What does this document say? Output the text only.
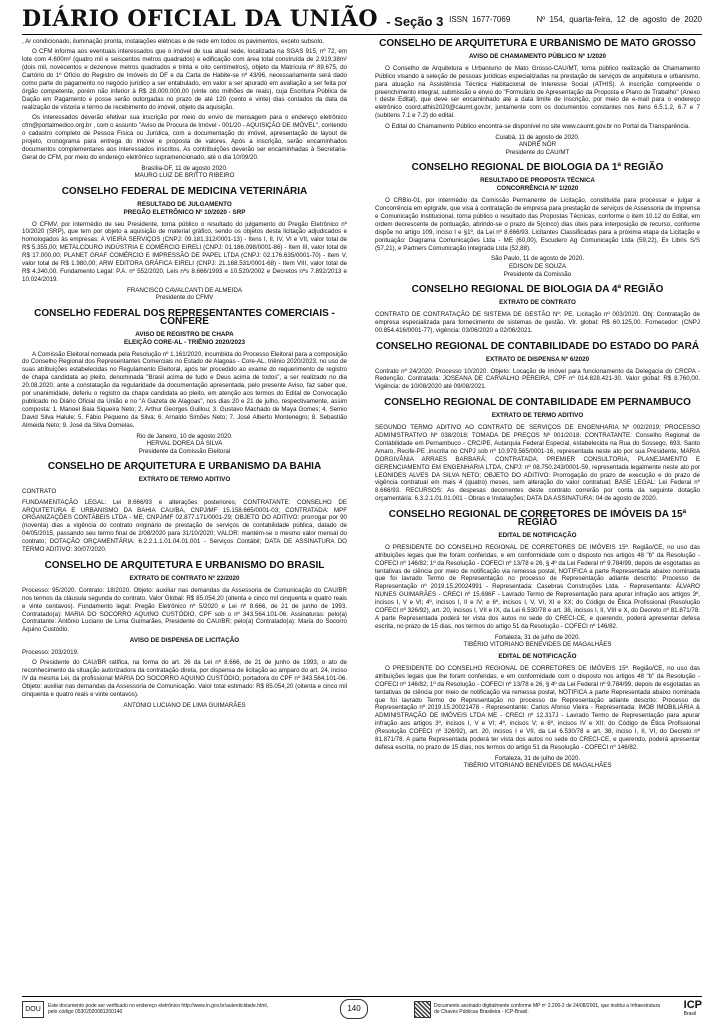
DIÁRIO OFICIAL DA UNIÃO - Seção 3 ISSN 1677-7069	Nº 154, quarta-feira, 12 de agosto de 2020

, Ar condicionado, iluminação pronta, instalações elétricas e de rede em todos os pavimentos, exceto subsolo.

O CFM informa aos eventuais interessados que o imóvel de sua atual sede, localizada na SGAS 915, nº 72, em lote com 4.600m² (quatro mil e seiscentos metros quadrados) e edificação com área total construída de 2.919,38m² (dois mil, novecentos e dezenove metros quadrados e trinta e oito centímetros), objeto da Matrícula nº 89.675, do Cartório do 1º Ofício do Registro de Imóveis do DF e da Carta de Habite-se nº 43/96, necessariamente será dado como parte do pagamento no negócio jurídico a ser entabulado, em valor a ser apurado em avaliação a ser feita por órgão competente, porém não inferior à R$ 28.000.000,00 (vinte oito milhões de reais), cuja Escritura Pública de Dação em Pagamento e posse serão outorgadas no prazo de até 120 (cento e vinte) dias contados da data da realização de vistoria e termo de recebimento do imóvel, objeto da aquisição.

Os interessados deverão efetivar sua inscrição por meio do envio de mensagem para o endereço eletrônico cfm@portalmedico.org.br , com o assunto "Aviso de Procura de Imóvel - 001/20 - AQUISIÇÃO DE IMÓVEL", contendo o cadastro completo de Pessoa Física ou Jurídica, com a documentação do imóvel, apresentação de layout de projeto, cronograma para entrega do imóvel e proposta de valores. Após a inscrição, serão encaminhados documentos complementares aos interessados inscritos. As contribuições deverão ser encaminhadas à Secretaria-Geral do CFM, por meio do endereço eletrônico supramencionado, até o dia 10/09/20.

Brasília-DF, 11 de agosto 2020.
MAURO LUIZ DE BRITTO RIBEIRO
CONSELHO FEDERAL DE MEDICINA VETERINÁRIA
RESULTADO DE JULGAMENTO
PREGÃO ELETRÔNICO Nº 10/2020 - SRP

O CFMV, por intermédio de seu Presidente, torna público o resultado do julgamento do Pregão Eletrônico nº 10/2020 (SRP), que tem por objeto a aquisição de material gráfico, sendo os objetos desta licitação adjudicados e homologados às empresas: A VIEIRA SERVIÇOS (CNPJ: 09.181.312/0001-13) - Itens I, II, IV, VI e VII, valor total de R$ 5.355,00; METALCOURO INDÚSTRIA E COMÉRCIO EIRELI (CNPJ: 01.186.098/0001-86) - Item III, valor total de R$ 17.000,00; PLANET GRAF COMÉRCIO E IMPRESSÃO DE PAPEL LTDA (CNPJ: 02.176.635/0001-70) - Item V, valor total de R$ 1.980,00; ARW EDITORA GRÁFICA EIRELI (CNPJ: 21.168.531/0001-68) - Item VIII, valor total de R$ 4.340,00. Fundamento Legal: P.A. nº 552/2020, Leis nºs 8.666/1993 e 10.520/2002 e Decretos nºs 7.892/2013 e 10.024/2019.

FRANCISCO CAVALCANTI DE ALMEIDA
Presidente do CFMV
CONSELHO FEDERAL DOS REPRESENTANTES COMERCIAIS - CONFERE
AVISO DE REGISTRO DE CHAPA
ELEIÇÃO CORE-AL - TRIÊNIO 2020/2023

A Comissão Eleitoral nomeada pela Resolução nº 1.161/2020, incumbida do Processo Eleitoral para a composição do Conselho Regional dos Representantes Comerciais no Estado de Alagoas - Core-AL, triênio 2020/2023, no uso de suas atribuições estabelecidas no Regulamento Eleitoral, após ter procedido ao exame do requerimento de registro de chapa candidata ao pleito, denominada "Brasil acima de tudo e Deus acima de todos", a ser realizado no dia 20.08.2020, ante a constatação da regularidade da documentação apresentada, pelo presente Aviso, faz saber que, por unanimidade, deferiu o registro da chapa candidata ao pleito, em atenção aos termos do Edital de Convocação publicado no Diário Oficial da União e no "A Gazeta de Alagoas", nos dias 20 e 21 de julho, respectivamente, assim composta: 1. Manoel Baia Siqueira Neto; 2. Arthur Georges Guillou; 3. Gustavo Machado de Maya Gomes; 4. Semio David Silva Halule; 5. Fábio Pequeno da Silva; 6. Arnaldo Simões Neto; 7. José Alberto Montenegro; 8. Sebastião Almeida Neto; 9. José da Silva Dornelas.

Rio de Janeiro, 10 de agosto 2020.
HERVAL DOREA DA SILVA
Presidente da Comissão Eleitoral
CONSELHO DE ARQUITETURA E URBANISMO DA BAHIA
EXTRATO DE TERMO ADITIVO

CONTRATO

FUNDAMENTAÇÃO LEGAL: Lei 8.666/93 e alterações posteriores; CONTRATANTE: CONSELHO DE ARQUITETURA E URBANISMO DA BAHIA CAU/BA, CNPJ/MF 15.158.665/0001-03; CONTRATADA: MPF ORGANIZAÇÕES CONTÁBEIS LTDA - ME, CNPJ/MF 02.877.171/0001-29; OBJETO DO ADITIVO: prorrogar por 90 (noventa) dias a vigência do contrato originário de prestação de serviços de contabilidade pública, datado de 04/05/2015, passando seu termo final de 2/08/2020 para 31/10/2020; VALOR: mantém-se o mesmo valor mensal do contrato; DOTAÇÃO ORÇAMENTÁRIA: 6.2.2.1.1.01.04.01.001 - Serviços Contábil; DATA DE ASSINATURA DO TERMO ADITIVO: 30/07/2020.

CONSELHO DE ARQUITETURA E URBANISMO DO BRASIL
EXTRATO DE CONTRATO Nº 22/2020

Processo: 95/2020. Contrato: 18/2020. Objeto: auxiliar nas demandas da Assessoria de Comunicação do CAU/BR nos termos da cláusula segunda do contrato. Valor Global: R$ 85.054,20 (oitenta e cinco mil cinquenta e quatro reais e vinte centavos). Fundamento legal: Pregão Eletrônico nº 5/2020 e Lei nº 8.666, de 21 de junho de 1993. Contratado(a): MARIA DO SOCORRO AQUINO CUSTÓDIO, CPF sob o nº 343.564.101-06. Assinaturas: pelo(a) Contratante: Antônio Luciano de Lima Guimarães, Presidente do CAU/BR; pelo(a) Contratado(a): Maria do Socorro Aquino Custódio.

AVISO DE DISPENSA DE LICITAÇÃO

Processo: 203/2019.

O Presidente do CAU/BR ratifica, na forma do art. 26 da Lei nº 8.666, de 21 de junho de 1993, o ato de reconhecimento da situação autorizadora da contratação direta, por dispensa de licitação ao amparo do art. 24, inciso IV da mesma Lei, da profissional MARIA DO SOCORRO AQUINO CUSTÓDIO, portadora do CPF nº 343.564.101-06. Objeto: auxiliar nas demandas da Assessoria de Comunicação. Valor total estimado: R$ 85.054,20 (oitenta e cinco mil cinquenta e quatro reais e vinte centavos).

ANTONIO LUCIANO DE LIMA GUIMARÃES
CONSELHO DE ARQUITETURA E URBANISMO DE MATO GROSSO
AVISO DE CHAMAMENTO PÚBLICO Nº 1/2020

O Conselho de Arquitetura e Urbanismo de Mato Grosso-CAU/MT, torna público realização de Chamamento Público visando à seleção de pessoas jurídicas especializadas na prestação de serviços de arquitetura e urbanismo, para atuação na Assistência Técnica Habitacional de Interesse Social (ATHIS). A inscrição compreende o preenchimento integral, submissão e envio do "Formulário de Apresentação da Proposta e Plano de Trabalho" (Anexo I deste Edital), que deve ser encaminhado até a data limite de inscrição, por meio de e-mail para o endereço eletrônico coord.athis2020@caumt.gov.br, juntamente com os documentos constantes nos itens 6.5.1.2, 6.7 e 7 (subitens 7.1 e 7.2) do edital.

O Edital do Chamamento Público encontra-se disponível no site www.caumt.gov.br no Portal da Transparência.

Cuiabá, 11 de agosto de 2020.
ANDRÉ NÖR
Presidente do CAU/MT
CONSELHO REGIONAL DE BIOLOGIA DA 1ª REGIÃO
RESULTADO DE PROPOSTA TÉCNICA
CONCORRÊNCIA Nº 1/2020

O CRBio-01, por intermédio da Comissão Permanente de Licitação, constituída para processar e julgar a Concorrência em epígrafe, que visa à contratação de empresa para prestação de serviços de Assessoria de Imprensa e Comunicação Institucional, torna público o resultado das Propostas Técnicas, conforme o item 10.12 do Edital, em ordem decrescente de pontuação, abrindo-se o prazo de 5(cinco) dias úteis para interposição de recurso, conforme dispõe no artigo 109, inciso I e §1º, da Lei nº 8.666/93. Licitantes Classificadas para a próxima etapa da Licitação e pontuação: Diagrama Comunicações Ltda - ME (60,00), Escudero Ag Comunicação Ltda (59,22), Ex Libris S/S (57,21), e Partners Comunicação Integrada Ltda (52,88).

São Paulo, 11 de agosto de 2020.
EDISON DE SOUZA
Presidente da Comissão
CONSELHO REGIONAL DE BIOLOGIA DA 4ª REGIÃO
EXTRATO DE CONTRATO

CONTRATO DE CONTRATAÇÃO DE SISTEMA DE GESTÃO Nº: PE. Licitação nº 003/2020. Obj: Contratação de empresa especializada para fornecimento de sistemas de gestão. Vlr. global: R$ 60.125,00. Fornecedor: (CNPJ 00.854.416/0001-77), vigência: 03/06/2020 a 02/06/2021.

CONSELHO REGIONAL DE CONTABILIDADE DO ESTADO DO PARÁ
EXTRATO DE DISPENSA Nº 6/2020

Contrato nº 24/2020. Processo 10/2020. Objeto: Locação de imóvel para funcionamento da Delegacia do CRCPA - Redenção. Contratada: JOSEANA DE CARVALHO PEREIRA, CPF nº 014.828.421-30. Valor global: R$ 8.760,00. Vigência: de 10/08/2020 até 09/08/2021.

CONSELHO REGIONAL DE CONTABILIDADE EM PERNAMBUCO
EXTRATO DE TERMO ADITIVO

SEGUNDO TERMO ADITIVO AO CONTRATO DE SERVIÇOS DE ENGENHARIA Nº 002/2019; PROCESSO ADMINISTRATIVO Nº 038/2018; TOMADA DE PREÇOS Nº 001/2018; CONTRATANTE: Conselho Regional de Contabilidade em Pernambuco - CRC/PE, Autarquia Federal Especial, estabelecida na Rua do Sossego, 693, Santo Amaro, Recife-PE ,inscrita no CNPJ sob nº 10.979.565/0001-16, representada neste ato por sua Presidente, MARIA DORGIVÂNIA ARRAES BARBARÁ; CONTRATADA: PREMIER CONSULTORIA, PLANEJAMENTO E GERENCIAMENTO EM ENGENHARIA LTDA, CNPJ: nº 08.750.243/0001-59, representada legalmente neste ato por LEONIDES ALVES DA SILVA NETO; OBJETO DO ADITIVO: Prorrogação do prazo de execução e do prazo de vigência contratual em mais 4 (quatro) meses, sem alteração do valor contratual; BASE LEGAL: Lei Federal nº 8.666/93. RECURSOS: As despesas decorrentes deste contrato correrão por conta da seguinte dotação orçamentária: 6.3.2.1.01.01.001 - Obras e Instalações; DATA DA ASSINATURA: 04 de agosto de 2020.

CONSELHO REGIONAL DE CORRETORES DE IMÓVEIS DA 15ª REGIÃO
EDITAL DE NOTIFICAÇÃO

O PRESIDENTE DO CONSELHO REGIONAL DE CORRETORES DE IMÓVEIS 15ª. Região/CE, no uso das atribuições legais que lhe foram conferidas, e em conformidade com o disposto nos artigos 48 "b" da Resolução - COFECI nº 146/82; 1º da Resolução - COFECI nº 13/78 e 26, § 4º da Lei Federal nº 9.784/99, depois de esgotadas as tentativas de ciência por meio de notificação via remessa postal, NOTIFICA a parte Representada abaixo nominada que foi lavrado Termo de Representação no processo de Representação adiante descrito: Processo de Representação nº 2019.15.20024991 - Representada: Casebras Construções Ltda. - Representante: ÁLVARO NUNES GUIMARÃES - CRECI nº 15.696F - Lavrado Termo de Representação para apurar infração aos artigos 3º, incisos I, V e VI; 4º, incisos I, II e IV; e 6º, incisos I, V, VI, XI e XX; do Código de Ética Profissional (Resolução COFECI nº 326/92), art. 20, incisos I, VII e IX, da Lei 6.530/78 e art. 38, incisos I, II, VIII e X, do Decreto nº 81.871/78. A parte Representada poderá ter vista dos autos no sede do CRECI-CE, e querendo, poderá apresentar defesa escrita, no prazo de 15 dias, nos termos do artigo 51 da Resolução - COFECI nº 146/82.

Fortaleza, 31 de julho de 2020.
TIBÉRIO VITORIANO BENEVIDES DE MAGALHÃES
EDITAL DE NOTIFICAÇÃO

O PRESIDENTE DO CONSELHO REGIONAL DE CORRETORES DE IMÓVEIS 15ª. Região/CE, no uso das atribuições legais que lhe foram conferidas, e em conformidade com o disposto nos artigos 48 "b" da Resolução - COFECI nº 146/82; 1º da Resolução - COFECI nº 13/78 e 26, § 4º da Lei Federal nº 9.784/99, depois de esgotadas as tentativas de ciência por meio de notificação via remessa postal, NOTIFICA a parte Representada abaixo nominada que foi lavrado Termo de Representação no processo de Representação adiante descrito: Processo de Representação nº 2019.15.20021478 - Representante: Carlos Afonso Vieira - Representada: IMOB IMOBILIÁRIA & ADMINISTRAÇÃO DE IMÓVEIS LTDA ME - CRECI nº 12.317J - Lavrado Termo de Representação para apurar infração aos artigos 3º, incisos I, V e VI; 4º, incisos V; e 6º, incisos IV e XII; do Código de Ética Profissional (Resolução COFECI nº 326/92), art. 20, incisos I e VII, da Lei 6.530/78 e art. 38, inciso I, II, VI, do Decreto nº 81.871/78. A parte Representada poderá ter vista dos autos no sede do CRECI-CE, e querendo, poderá apresentar defesa escrita, no prazo de 15 dias, nos termos do artigo 51 da Resolução - COFECI nº 146/82.

Fortaleza, 31 de julho de 2020.
TIBÉRIO VITORIANO BENEVIDES DE MAGALHÃES
DOU	Este documento pode ser verificado no endereço eletrônico http://www.in.gov.br/autenticidade.html, pelo código 05302020081200140	140	Documento assinado digitalmente conforme MP nº 2.200-2 de 24/08/2001, que institui a Infraestrutura de Chaves Públicas Brasileira - ICP-Brasil.
ICP
Brasil
